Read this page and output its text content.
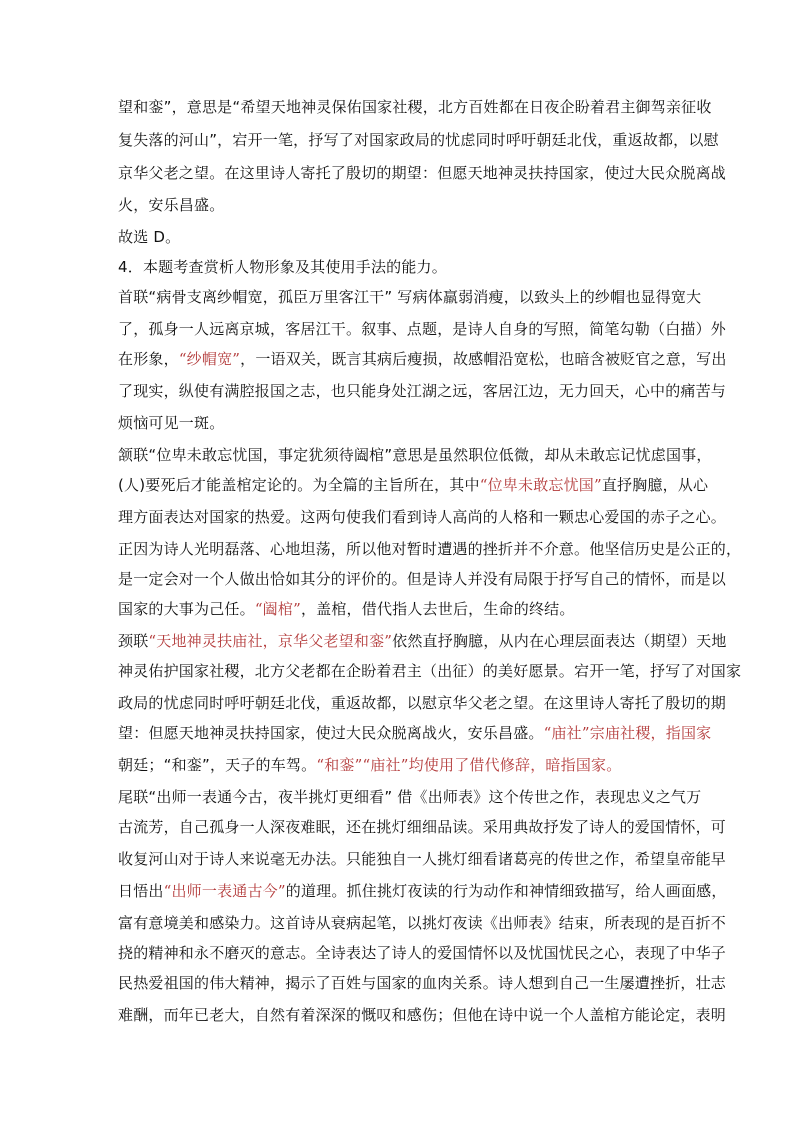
望和銮”，意思是“希望天地神灵保佑国家社稷，北方百姓都在日夜企盼着君主御驾亲征收
复失落的河山”，宕开一笔，抒写了对国家政局的忧虑同时呼吁朝廷北伐，重返故都，以慰
京华父老之望。在这里诗人寄托了殷切的期望：但愿天地神灵扶持国家，使过大民众脱离战
火，安乐昌盛。
故选 D。
4．本题考查赏析人物形象及其使用手法的能力。
首联“病骨支离纱帽宽，孤臣万里客江干” 写病体羸弱消瘦，以致头上的纱帽也显得宽大
了，孤身一人远离京城，客居江干。叙事、点题，是诗人自身的写照，简笔勾勒（白描）外
在形象，“纱帽宽”，一语双关，既言其病后瘦损，故感帽沿宽松，也暗含被贬官之意，写出
了现实，纵使有满腔报国之志，也只能身处江湖之远，客居江边，无力回天，心中的痛苦与
烦恼可见一斑。
颔联“位卑未敢忘忧国，事定犹须待阖棺”意思是虽然职位低微，却从未敢忘记忧虑国事，
(人)要死后才能盖棺定论的。为全篇的主旨所在，其中“位卑未敢忘忧国”直抒胸臆，从心
理方面表达对国家的热爱。这两句使我们看到诗人高尚的人格和一颗忠心爱国的赤子之心。
正因为诗人光明磊落、心地坦荡，所以他对暂时遭遇的挫折并不介意。他坚信历史是公正的，
是一定会对一个人做出恰如其分的评价的。但是诗人并没有局限于抒写自己的情怀，而是以
国家的大事为己任。“阖棺”，盖棺，借代指人去世后，生命的终结。
颈联“天地神灵扶庙社，京华父老望和銮”依然直抒胸臆，从内在心理层面表达（期望）天地
神灵佑护国家社稷，北方父老都在企盼着君主（出征）的美好愿景。宕开一笔，抒写了对国家
政局的忧虑同时呼吁朝廷北伐，重返故都，以慰京华父老之望。在这里诗人寄托了殷切的期
望：但愿天地神灵扶持国家，使过大民众脱离战火，安乐昌盛。“庙社”宗庙社稷，指国家
朝廷；“和銮”，天子的车驾。“和銮”“庙社”均使用了借代修辞，暗指国家。
尾联“出师一表通今古，夜半挑灯更细看” 借《出师表》这个传世之作，表现忠义之气万
古流芳，自己孤身一人深夜难眠，还在挑灯细细品读。采用典故抒发了诗人的爱国情怀，可
收复河山对于诗人来说毫无办法。只能独自一人挑灯细看诸葛亮的传世之作，希望皇帝能早
日悟出“出师一表通古今”的道理。抓住挑灯夜读的行为动作和神情细致描写，给人画面感，
富有意境美和感染力。这首诗从衰病起笔，以挑灯夜读《出师表》结束，所表现的是百折不
挠的精神和永不磨灭的意志。全诗表达了诗人的爱国情怀以及忧国忧民之心，表现了中华子
民热爱祖国的伟大精神，揭示了百姓与国家的血肉关系。诗人想到自己一生屡遭挫折，壮志
难酬，而年已老大，自然有着深深的慨叹和感伤；但他在诗中说一个人盖棺方能论定，表明
